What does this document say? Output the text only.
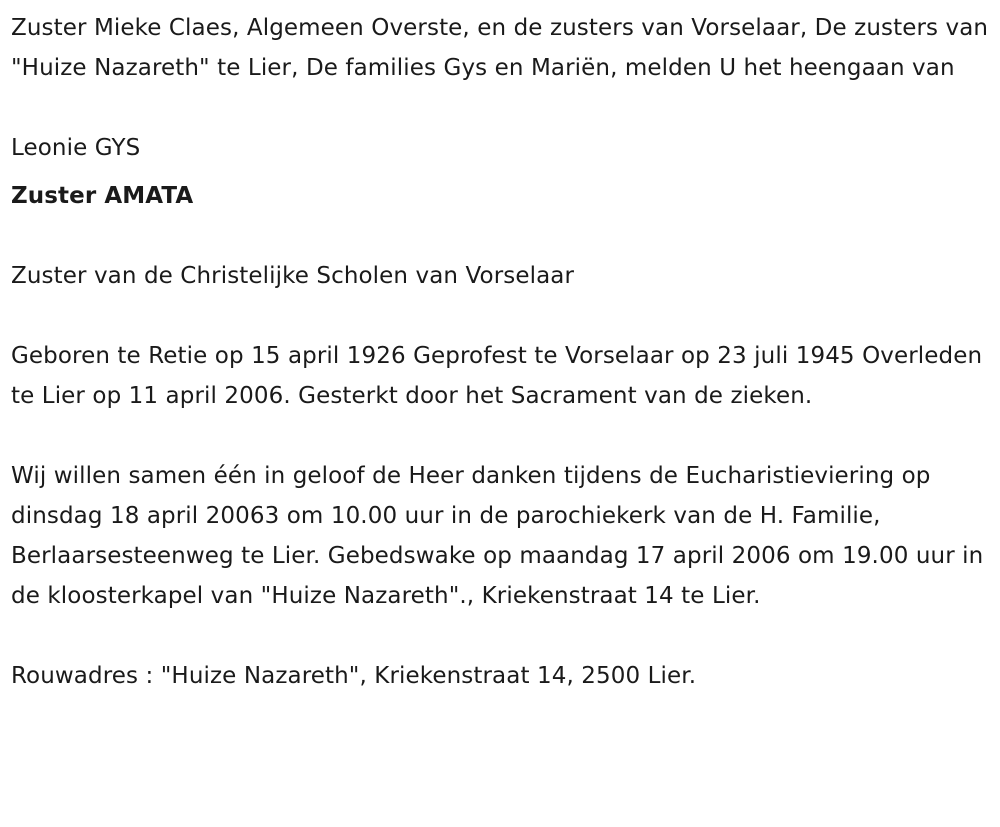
Zuster Mieke Claes, Algemeen Overste, en de zusters van Vorselaar, De zusters van "Huize Nazareth" te Lier, De families Gys en Mariën, melden U het heengaan van

Leonie GYS

Zuster AMATA

Zuster van de Christelijke Scholen van Vorselaar

Geboren te Retie op 15 april 1926 Geprofest te Vorselaar op 23 juli 1945 Overleden te Lier op 11 april 2006. Gesterkt door het Sacrament van de zieken.

Wij willen samen één in geloof de Heer danken tijdens de Eucharistieviering op dinsdag 18 april 20063 om 10.00 uur in de parochiekerk van de H. Familie, Berlaarsesteenweg te Lier. Gebedswake op maandag 17 april 2006 om 19.00 uur in de kloosterkapel van "Huize Nazareth"., Kriekenstraat 14 te Lier.

Rouwadres : "Huize Nazareth", Kriekenstraat 14, 2500 Lier.
